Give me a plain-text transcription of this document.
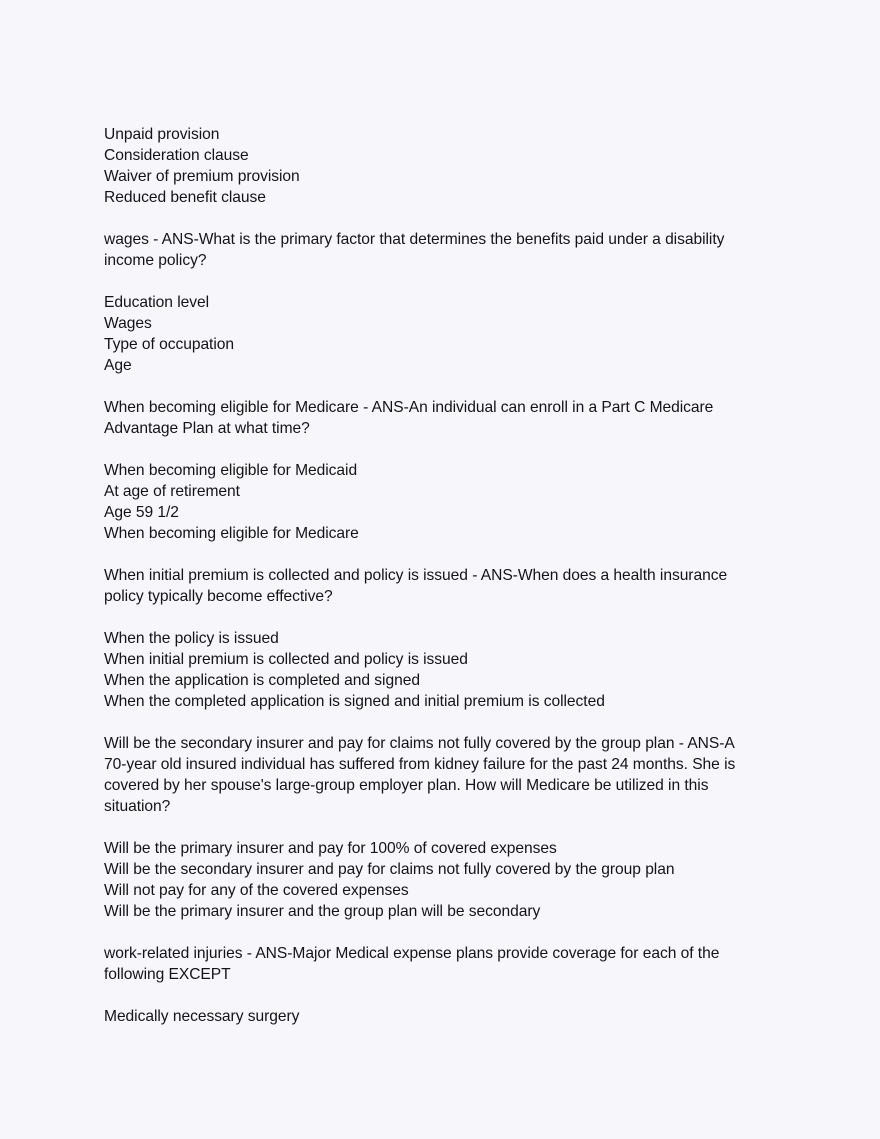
Unpaid provision
Consideration clause
Waiver of premium provision
Reduced benefit clause
wages - ANS-What is the primary factor that determines the benefits paid under a disability
income policy?
Education level
Wages
Type of occupation
Age
When becoming eligible for Medicare - ANS-An individual can enroll in a Part C Medicare
Advantage Plan at what time?
When becoming eligible for Medicaid
At age of retirement
Age 59 1/2
When becoming eligible for Medicare
When initial premium is collected and policy is issued - ANS-When does a health insurance
policy typically become effective?
When the policy is issued
When initial premium is collected and policy is issued
When the application is completed and signed
When the completed application is signed and initial premium is collected
Will be the secondary insurer and pay for claims not fully covered by the group plan - ANS-A
70-year old insured individual has suffered from kidney failure for the past 24 months. She is
covered by her spouse's large-group employer plan. How will Medicare be utilized in this
situation?
Will be the primary insurer and pay for 100% of covered expenses
Will be the secondary insurer and pay for claims not fully covered by the group plan
Will not pay for any of the covered expenses
Will be the primary insurer and the group plan will be secondary
work-related injuries - ANS-Major Medical expense plans provide coverage for each of the
following EXCEPT
Medically necessary surgery
